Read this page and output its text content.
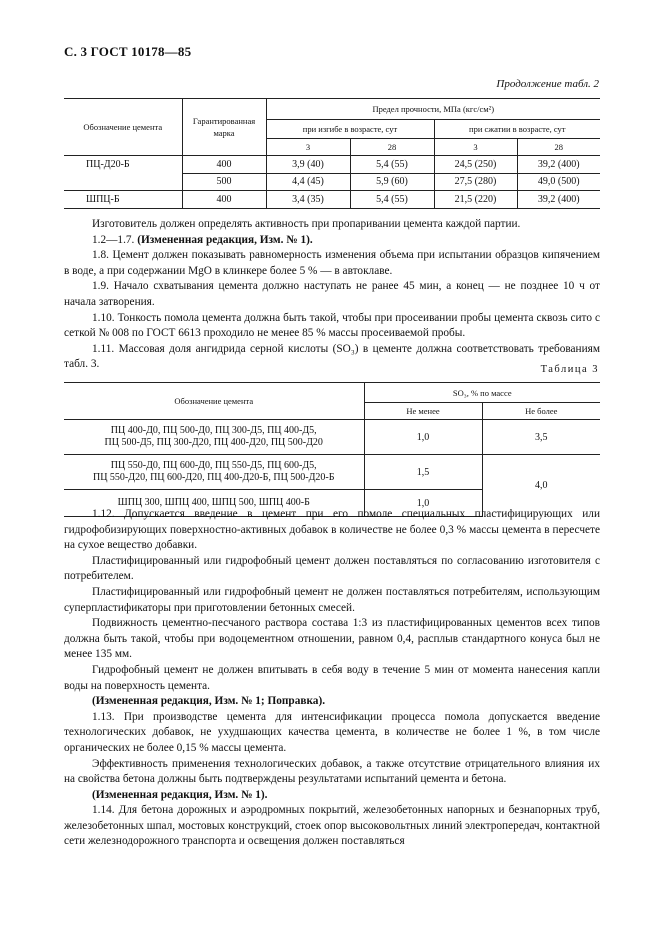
С. 3 ГОСТ 10178—85
Продолжение табл. 2
Обозначение цемента	Гарантированная марка	Предел прочности, МПа (кгс/см²)			
		при изгибе в возрасте, сут		при сжатии в возрасте, сут	
		3	28	3	28
ПЦ-Д20-Б	400	3,9 (40)	5,4 (55)	24,5 (250)	39,2 (400)
	500	4,4 (45)	5,9 (60)	27,5 (280)	49,0 (500)
ШПЦ-Б	400	3,4 (35)	5,4 (55)	21,5 (220)	39,2 (400)

Изготовитель должен определять активность при пропаривании цемента каждой партии.

1.2—1.7. (Измененная редакция, Изм. № 1).

1.8. Цемент должен показывать равномерность изменения объема при испытании образцов кипячением в воде, а при содержании MgO в клинкере более 5 % — в автоклаве.

1.9. Начало схватывания цемента должно наступать не ранее 45 мин, а конец — не позднее 10 ч от начала затворения.

1.10. Тонкость помола цемента должна быть такой, чтобы при просеивании пробы цемента сквозь сито с сеткой № 008 по ГОСТ 6613 проходило не менее 85 % массы просеиваемой пробы.

1.11. Массовая доля ангидрида серной кислоты (SO₃) в цементе должна соответствовать требованиям табл. 3.	Таблица 3
Обозначение цемента	SO₃, % по массе	
	Не менее	Не более

ПЦ 400-Д0, ПЦ 500-Д0, ПЦ 300-Д5, ПЦ 400-Д5,
ПЦ 500-Д5, ПЦ 300-Д20, ПЦ 400-Д20, ПЦ 500-Д20	1,0	3,5

ПЦ 550-Д0, ПЦ 600-Д0, ПЦ 550-Д5, ПЦ 600-Д5,
ПЦ 550-Д20, ПЦ 600-Д20, ПЦ 400-Д20-Б, ПЦ 500-Д20-Б	1,5	4,0

ШПЦ 300, ШПЦ 400, ШПЦ 500, ШПЦ 400-Б	1,0	

1.12. Допускается введение в цемент при его помоле специальных пластифицирующих или гидрофобизирующих поверхностно-активных добавок в количестве не более 0,3 % массы цемента в пересчете на сухое вещество добавки.

Пластифицированный или гидрофобный цемент должен поставляться по согласованию изготовителя с потребителем.

Пластифицированный или гидрофобный цемент не должен поставляться потребителям, использующим суперпластификаторы при приготовлении бетонных смесей.

Подвижность цементно-песчаного раствора состава 1:3 из пластифицированных цементов всех типов должна быть такой, чтобы при водоцементном отношении, равном 0,4, расплыв стандартного конуса был не менее 135 мм.

Гидрофобный цемент не должен впитывать в себя воду в течение 5 мин от момента нанесения капли воды на поверхность цемента.

(Измененная редакция, Изм. № 1; Поправка).

1.13. При производстве цемента для интенсификации процесса помола допускается введение технологических добавок, не ухудшающих качества цемента, в количестве не более 1 %, в том числе органических не более 0,15 % массы цемента.

Эффективность применения технологических добавок, а также отсутствие отрицательного влияния их на свойства бетона должны быть подтверждены результатами испытаний цемента и бетона.

(Измененная редакция, Изм. № 1).

1.14. Для бетона дорожных и аэродромных покрытий, железобетонных напорных и безнапорных труб, железобетонных шпал, мостовых конструкций, стоек опор высоковольтных линий электропередач, контактной сети железнодорожного транспорта и освещения должен поставляться
